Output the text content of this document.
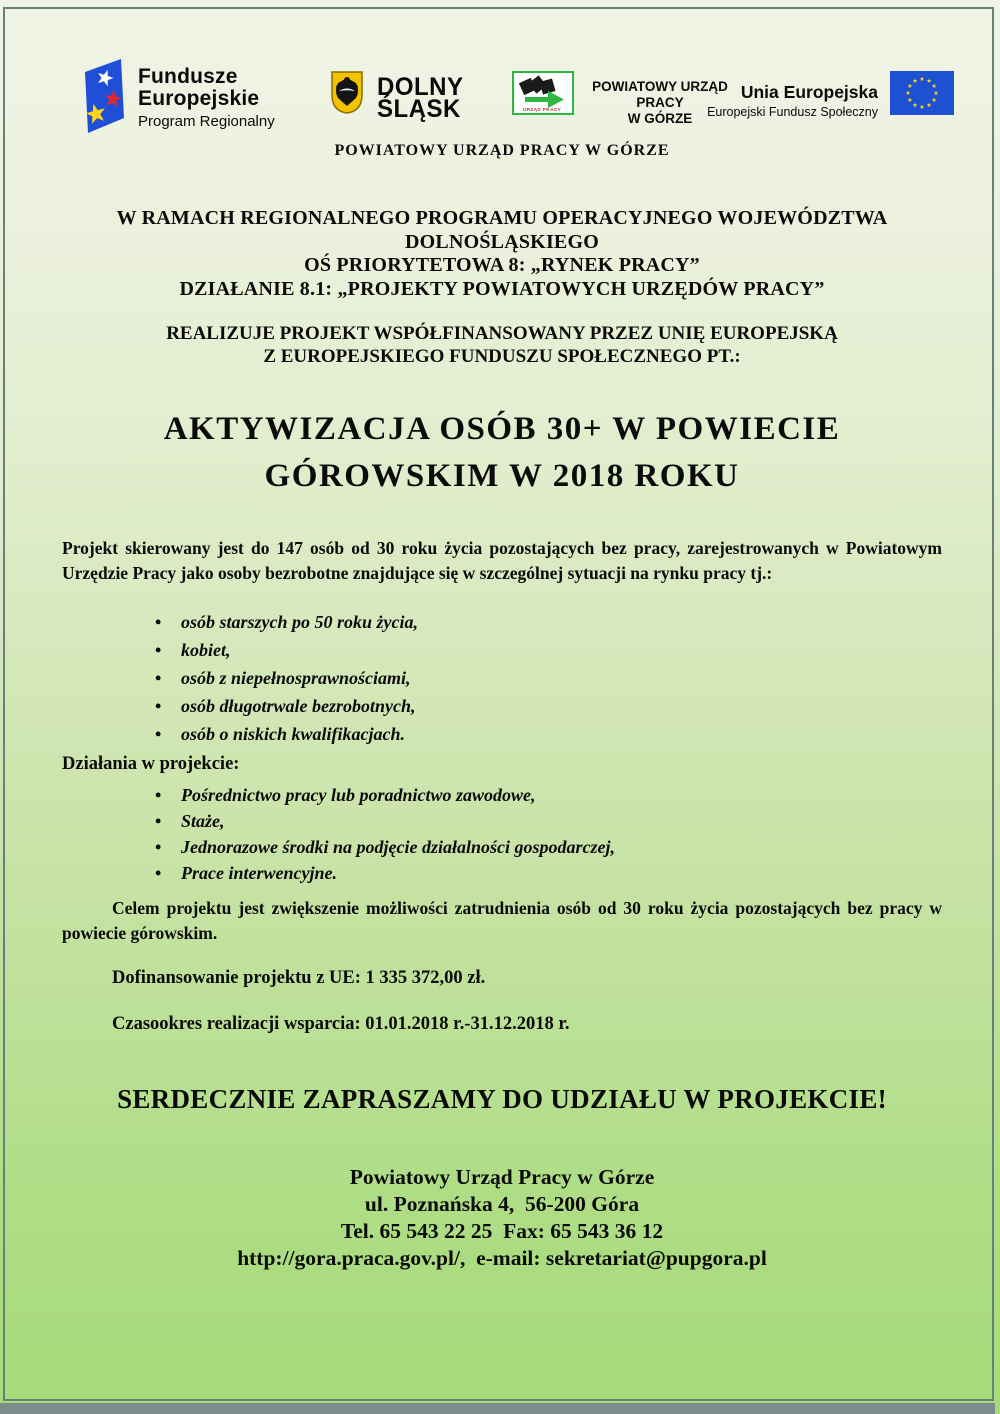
Fundusze
Europejskie
Program Regionalny
DOLNY
ŚLĄSK	URZĄD PRACY
POWIATOWY URZĄD
PRACY
W GÓRZE
Unia Europejska
Europejski Fundusz Społeczny
POWIATOWY URZĄD PRACY W GÓRZE
W RAMACH REGIONALNEGO PROGRAMU OPERACYJNEGO WOJEWÓDZTWA DOLNOŚLĄSKIEGO
OŚ PRIORYTETOWA 8: „RYNEK PRACY”
DZIAŁANIE 8.1: „PROJEKTY POWIATOWYCH URZĘDÓW PRACY”
REALIZUJE PROJEKT WSPÓŁFINANSOWANY PRZEZ UNIĘ EUROPEJSKĄ
Z EUROPEJSKIEGO FUNDUSZU SPOŁECZNEGO PT.:
AKTYWIZACJA OSÓB 30+ W POWIECIE
GÓROWSKIM W 2018 ROKU

Projekt skierowany jest do 147 osób od 30 roku życia pozostających bez pracy, zarejestrowanych w Powiatowym Urzędzie Pracy jako osoby bezrobotne znajdujące się w szczególnej sytuacji na rynku pracy tj.:

• osób starszych po 50 roku życia,
• kobiet,
• osób z niepełnosprawnościami,
• osób długotrwale bezrobotnych,
• osób o niskich kwalifikacjach.
Działania w projekcie:
• Pośrednictwo pracy lub poradnictwo zawodowe,
• Staże,
• Jednorazowe środki na podjęcie działalności gospodarczej,
• Prace interwencyjne.

Celem projektu jest zwiększenie możliwości zatrudnienia osób od 30 roku życia pozostających bez pracy w powiecie górowskim.

Dofinansowanie projektu z UE: 1 335 372,00 zł.
Czasookres realizacji wsparcia: 01.01.2018 r.-31.12.2018 r.
SERDECZNIE ZAPRASZAMY DO UDZIAŁU W PROJEKCIE!
Powiatowy Urząd Pracy w Górze
ul. Poznańska 4,  56-200 Góra
Tel. 65 543 22 25  Fax: 65 543 36 12
http://gora.praca.gov.pl/,  e-mail: sekretariat@pupgora.pl
